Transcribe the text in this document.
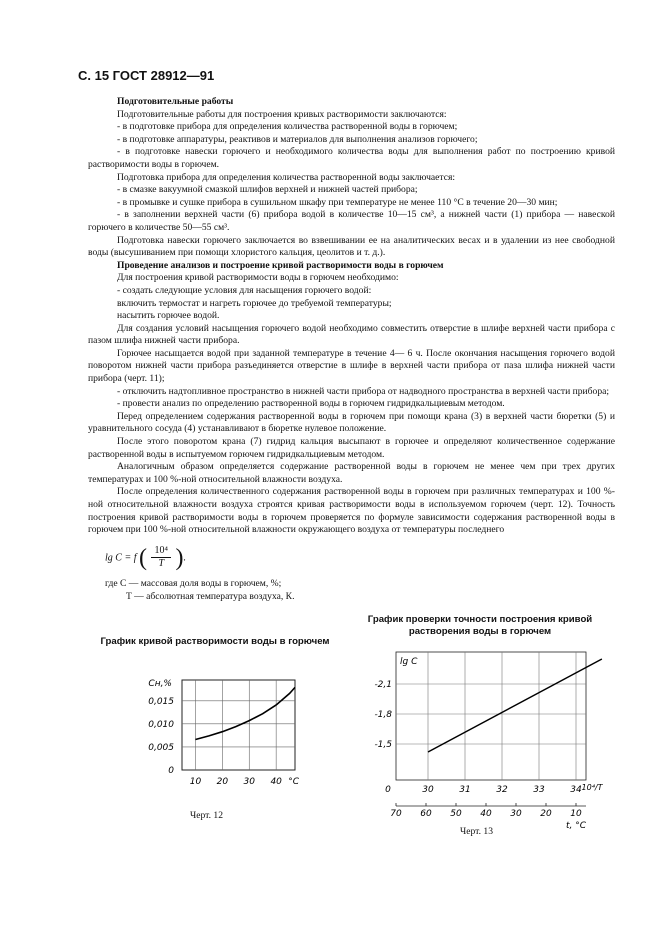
С. 15 ГОСТ 28912—91

Подготовительные работы

Подготовительные работы для построения кривых растворимости заключаются:

- в подготовке прибора для определения количества растворенной воды в горючем;

- в подготовке аппаратуры, реактивов и материалов для выполнения анализов горючего;

- в подготовке навески горючего и необходимого количества воды для выполнения работ по построению кривой растворимости воды в горючем.

Подготовка прибора для определения количества растворенной воды заключается:

- в смазке вакуумной смазкой шлифов верхней и нижней частей прибора;

- в промывке и сушке прибора в сушильном шкафу при температуре не менее 110 °С в течение 20—30 мин;

- в заполнении верхней части (6) прибора водой в количестве 10—15 см³, а нижней части (1) прибора — навеской горючего в количестве 50—55 см³.

Подготовка навески горючего заключается во взвешивании ее на аналитических весах и в удалении из нее свободной воды (высушиванием при помощи хлористого кальция, цеолитов и т. д.).

Проведение анализов и построение кривой растворимости воды в горючем

Для построения кривой растворимости воды в горючем необходимо:

- создать следующие условия для насыщения горючего водой:

включить термостат и нагреть горючее до требуемой температуры;

насытить горючее водой.

Для создания условий насыщения горючего водой необходимо совместить отверстие в шлифе верхней части прибора с пазом шлифа нижней части прибора.

Горючее насыщается водой при заданной температуре в течение 4— 6 ч. После окончания насыщения горючего водой поворотом нижней части прибора разъединяется отверстие в шлифе в верхней части прибора от паза шлифа нижней части прибора (черт. 11);

- отключить надтопливное пространство в нижней части прибора от надводного пространства в верхней части прибора;

- провести анализ по определению растворенной воды в горючем гидридкальциевым методом.

Перед определением содержания растворенной воды в горючем при помощи крана (3) в верхней части бюретки (5) и уравнительного сосуда (4) устанавливают в бюретке нулевое положение.

После этого поворотом крана (7) гидрид кальция высыпают в горючее и определяют количественное содержание растворенной воды в испытуемом горючем гидридкальциевым методом.

Аналогичным образом определяется содержание растворенной воды в горючем не менее чем при трех других температурах и 100 %-ной относительной влажности воздуха.

После определения количественного содержания растворенной воды в горючем при различных температурах и 100 %-ной относительной влажности воздуха строятся кривая растворимости воды в используемом горючем (черт. 12). Точность построения кривой растворимости воды в горючем проверяется по формуле зависимости содержания растворенной воды в горючем при 100 %-ной относительной влажности окружающего воздуха от температуры последнего

lg C = f ( $\frac{\text{10⁴}}{T}$ ).

где C — массовая доля воды в горючем, %;
T — абсолютная температура воздуха, К.
График кривой растворимости воды в горючем
10 20 30 40
0
0,005
0,010
0,015
Сн,%
°C
Черт. 12
График проверки точности построения кривой растворения воды в горючем
30	31	32	33	34
-2,1
-1,8
-1,5
0
lg C
10⁴/T
70 60 50 40 30 20 10
t, °C
Черт. 13
